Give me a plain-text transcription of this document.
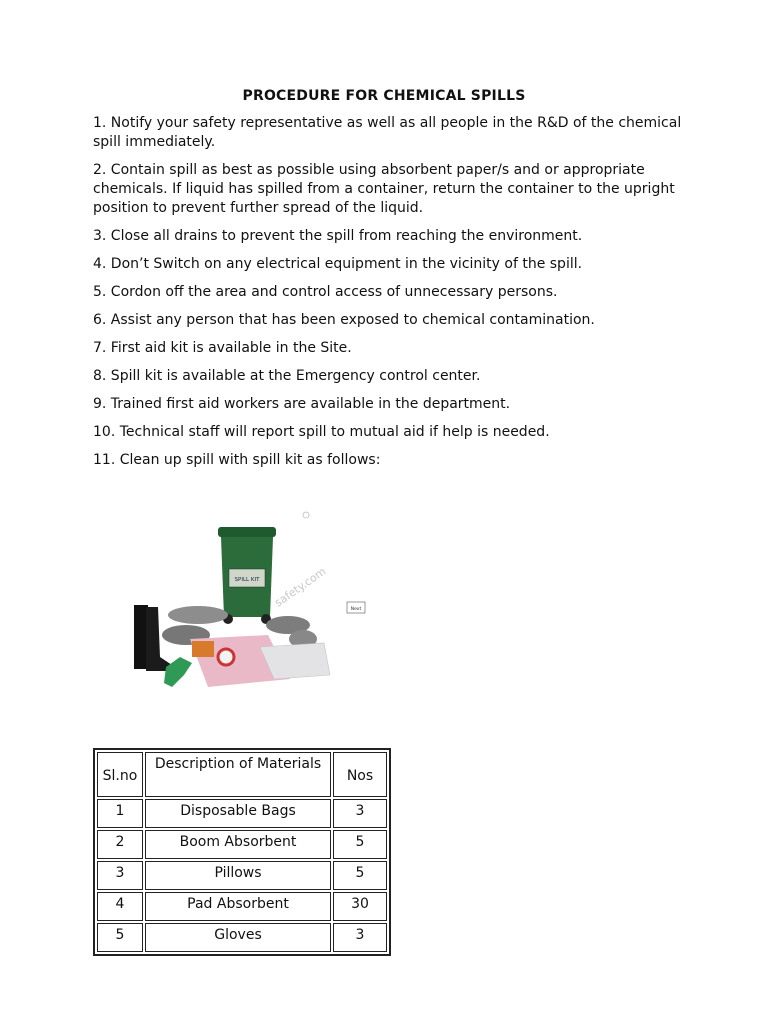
PROCEDURE FOR CHEMICAL SPILLS
1. Notify your safety representative as well as all people in the R&D of the chemical spill immediately.
2. Contain spill as best as possible using absorbent paper/s and or appropriate chemicals. If liquid has spilled from a container, return the container to the upright position to prevent further spread of the liquid.
3. Close all drains to prevent the spill from reaching the environment.
4. Don’t Switch on any electrical equipment in the vicinity of the spill.
5. Cordon off the area and control access of unnecessary persons.
6. Assist any person that has been exposed to chemical contamination.
7. First aid kit is available in the Site.
8. Spill kit is available at the Emergency control center.
9. Trained first aid workers are available in the department.
10. Technical staff will report spill to mutual aid if help is needed.
11. Clean up spill with spill kit as follows:
safety.com
SPILL KIT
Next
Sl.no	Description of Materials	Nos
1	Disposable Bags	3
2	Boom Absorbent	5
3	Pillows	5
4	Pad Absorbent	30
5	Gloves	3
